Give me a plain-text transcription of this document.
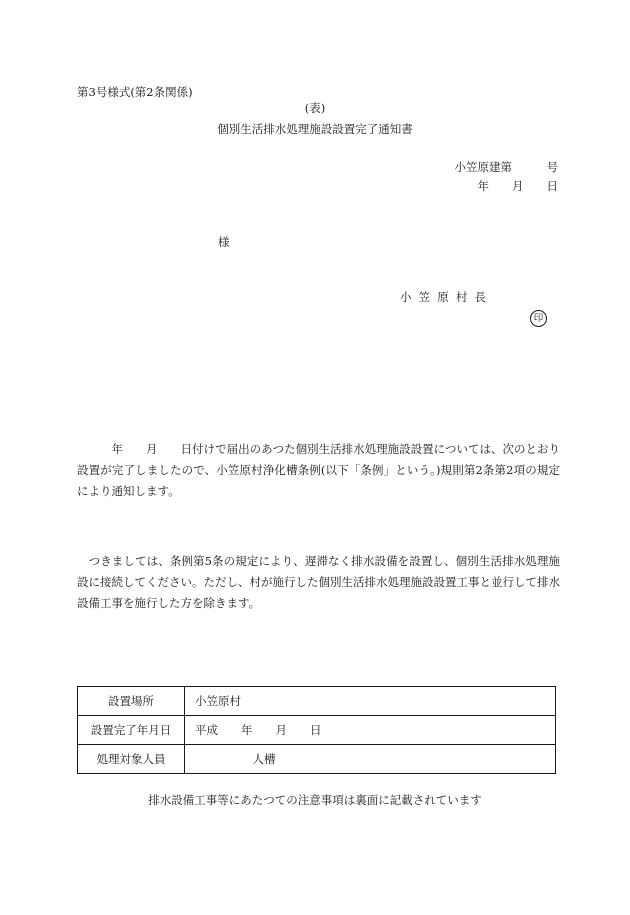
第3号様式(第2条関係)
(表)
個別生活排水処理施設設置完了通知書
小笠原建第　　　号
年　　月　　日
様
小笠原村長
印

　　　年　　月　　日付けで届出のあつた個別生活排水処理施設設置については、次のとおり設置が完了しましたので、小笠原村浄化槽条例(以下「条例」という。)規則第2条第2項の規定により通知します。

　つきましては、条例第5条の規定により、遅滞なく排水設備を設置し、個別生活排水処理施設に接続してください。ただし、村が施行した個別生活排水処理施設設置工事と並行して排水設備工事を施行した方を除きます。

設置場所	小笠原村
設置完了年月日	平成　　年　　月　　日
処理対象人員	　　　　　人槽
排水設備工事等にあたつての注意事項は裏面に記載されています
